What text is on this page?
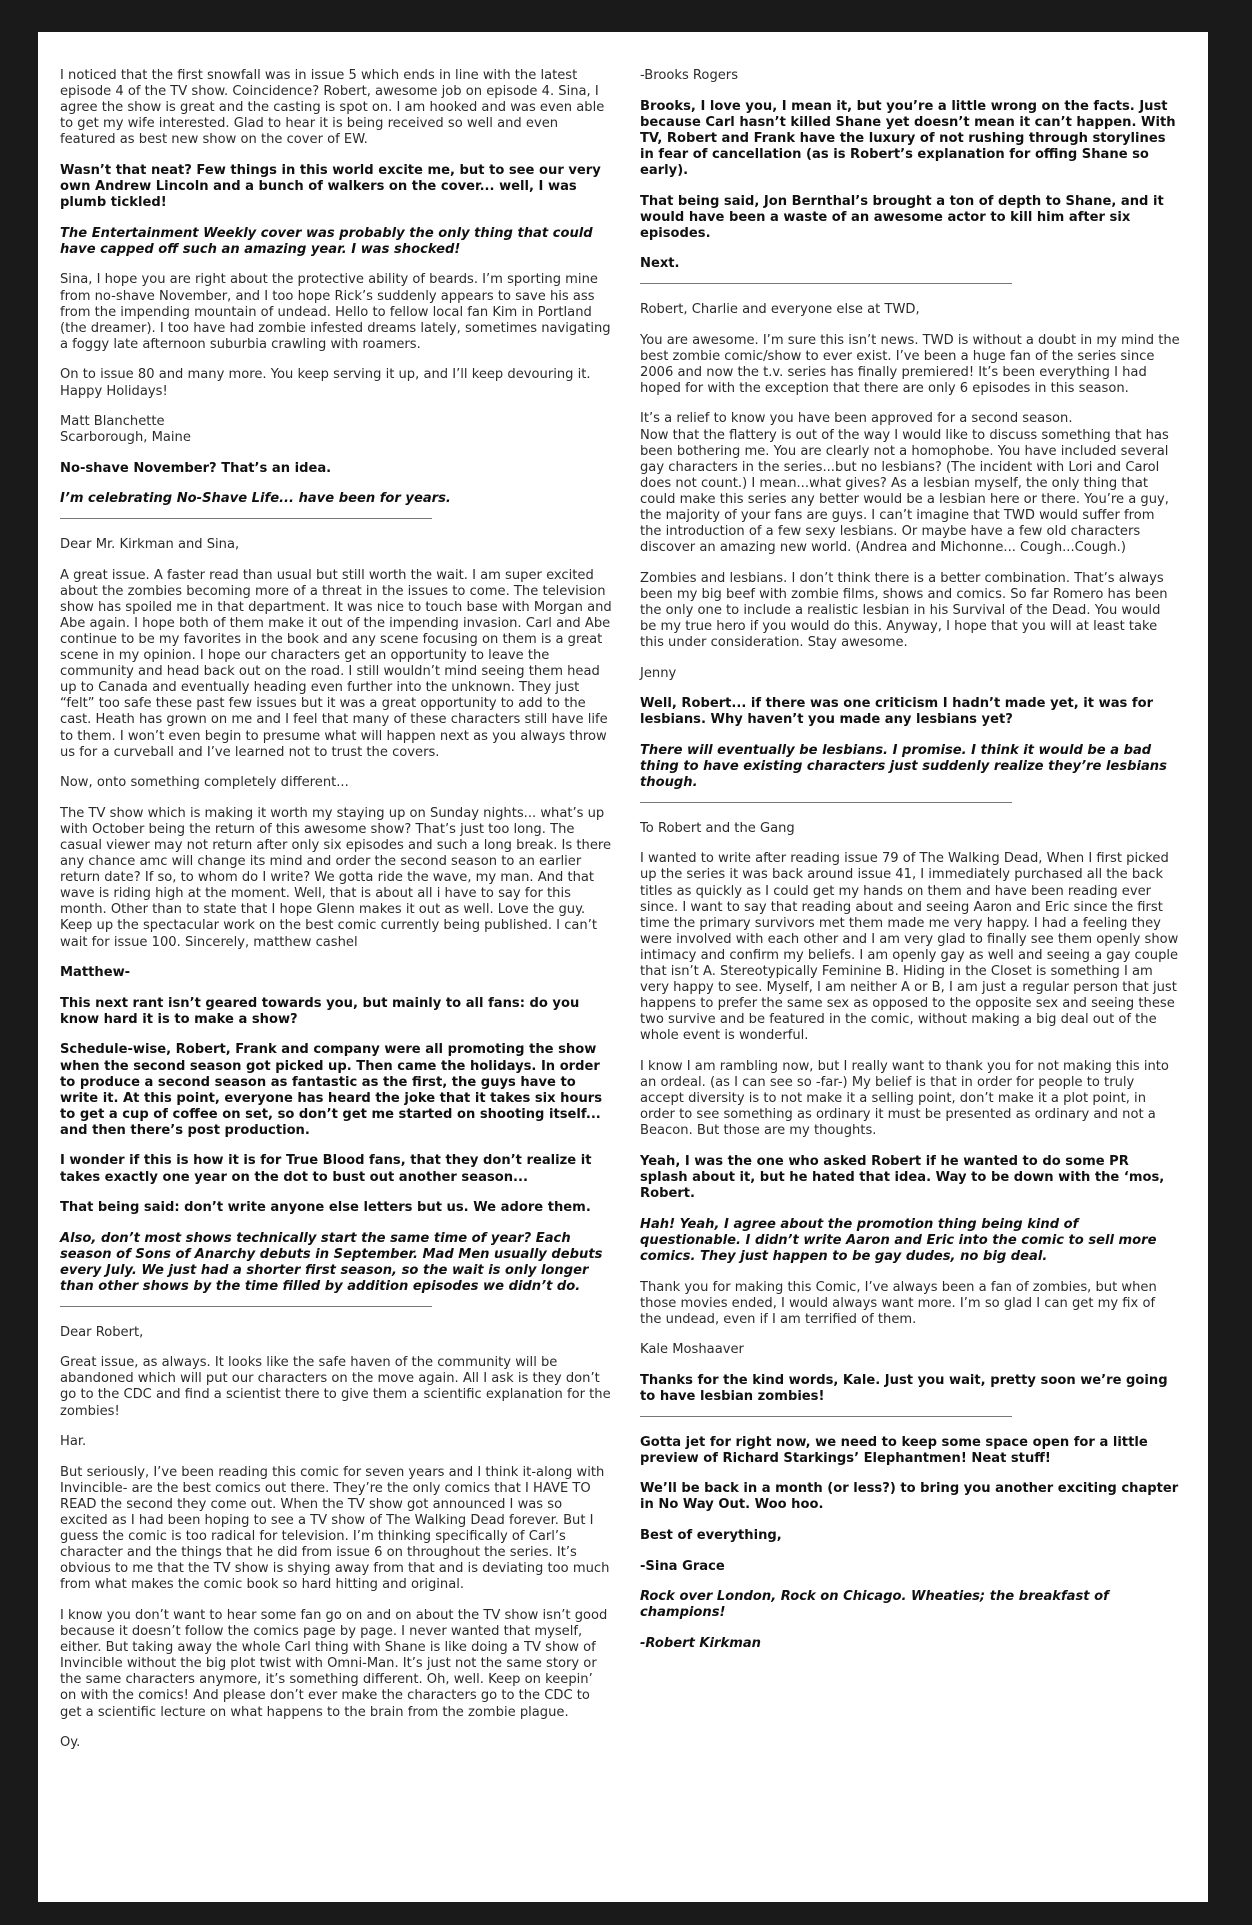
I noticed that the first snowfall was in issue 5 which ends in line with the latest episode 4 of the TV show. Coincidence? Robert, awesome job on episode 4. Sina, I agree the show is great and the casting is spot on. I am hooked and was even able to get my wife interested. Glad to hear it is being received so well and even featured as best new show on the cover of EW.

Wasn’t that neat? Few things in this world excite me, but to see our very own Andrew Lincoln and a bunch of walkers on the cover... well, I was plumb tickled!

The Entertainment Weekly cover was probably the only thing that could have capped off such an amazing year. I was shocked!

Sina, I hope you are right about the protective ability of beards. I’m sporting mine from no-shave November, and I too hope Rick’s suddenly appears to save his ass from the impending mountain of undead. Hello to fellow local fan Kim in Portland (the dreamer). I too have had zombie infested dreams lately, sometimes navigating a foggy late afternoon suburbia crawling with roamers.

On to issue 80 and many more. You keep serving it up, and I’ll keep devouring it. Happy Holidays!

Matt Blanchette
Scarborough, Maine

No-shave November? That’s an idea.

I’m celebrating No-Shave Life... have been for years.

Dear Mr. Kirkman and Sina,

A great issue. A faster read than usual but still worth the wait. I am super excited about the zombies becoming more of a threat in the issues to come. The television show has spoiled me in that department. It was nice to touch base with Morgan and Abe again. I hope both of them make it out of the impending invasion. Carl and Abe continue to be my favorites in the book and any scene focusing on them is a great scene in my opinion. I hope our characters get an opportunity to leave the community and head back out on the road. I still wouldn’t mind seeing them head up to Canada and eventually heading even further into the unknown. They just “felt” too safe these past few issues but it was a great opportunity to add to the cast. Heath has grown on me and I feel that many of these characters still have life to them. I won’t even begin to presume what will happen next as you always throw us for a curveball and I’ve learned not to trust the covers.

Now, onto something completely different...

The TV show which is making it worth my staying up on Sunday nights... what’s up with October being the return of this awesome show? That’s just too long. The casual viewer may not return after only six episodes and such a long break. Is there any chance amc will change its mind and order the second season to an earlier return date? If so, to whom do I write? We gotta ride the wave, my man. And that wave is riding high at the moment. Well, that is about all i have to say for this month. Other than to state that I hope Glenn makes it out as well. Love the guy. Keep up the spectacular work on the best comic currently being published. I can’t wait for issue 100. Sincerely, matthew cashel

Matthew-

This next rant isn’t geared towards you, but mainly to all fans: do you know hard it is to make a show?

Schedule-wise, Robert, Frank and company were all promoting the show when the second season got picked up. Then came the holidays. In order to produce a second season as fantastic as the first, the guys have to write it. At this point, everyone has heard the joke that it takes six hours to get a cup of coffee on set, so don’t get me started on shooting itself... and then there’s post production.

I wonder if this is how it is for True Blood fans, that they don’t realize it takes exactly one year on the dot to bust out another season...

That being said: don’t write anyone else letters but us. We adore them.

Also, don’t most shows technically start the same time of year? Each season of Sons of Anarchy debuts in September. Mad Men usually debuts every July. We just had a shorter first season, so the wait is only longer than other shows by the time filled by addition episodes we didn’t do.

Dear Robert,

Great issue, as always. It looks like the safe haven of the community will be abandoned which will put our characters on the move again. All I ask is they don’t go to the CDC and find a scientist there to give them a scientific explanation for the zombies!

Har.

But seriously, I’ve been reading this comic for seven years and I think it-along with Invincible- are the best comics out there. They’re the only comics that I HAVE TO READ the second they come out. When the TV show got announced I was so excited as I had been hoping to see a TV show of The Walking Dead forever. But I guess the comic is too radical for television. I’m thinking specifically of Carl’s character and the things that he did from issue 6 on throughout the series. It’s obvious to me that the TV show is shying away from that and is deviating too much from what makes the comic book so hard hitting and original.

I know you don’t want to hear some fan go on and on about the TV show isn’t good because it doesn’t follow the comics page by page. I never wanted that myself, either. But taking away the whole Carl thing with Shane is like doing a TV show of Invincible without the big plot twist with Omni-Man. It’s just not the same story or the same characters anymore, it’s something different. Oh, well. Keep on keepin’ on with the comics! And please don’t ever make the characters go to the CDC to get a scientific lecture on what happens to the brain from the zombie plague.

Oy.

-Brooks Rogers

Brooks, I love you, I mean it, but you’re a little wrong on the facts. Just because Carl hasn’t killed Shane yet doesn’t mean it can’t happen. With TV, Robert and Frank have the luxury of not rushing through storylines in fear of cancellation (as is Robert’s explanation for offing Shane so early).

That being said, Jon Bernthal’s brought a ton of depth to Shane, and it would have been a waste of an awesome actor to kill him after six episodes.

Next.

Robert, Charlie and everyone else at TWD,

You are awesome. I’m sure this isn’t news. TWD is without a doubt in my mind the best zombie comic/show to ever exist. I’ve been a huge fan of the series since 2006 and now the t.v. series has finally premiered! It’s been everything I had hoped for with the exception that there are only 6 episodes in this season.

It’s a relief to know you have been approved for a second season.
Now that the flattery is out of the way I would like to discuss something that has been bothering me. You are clearly not a homophobe. You have included several gay characters in the series...but no lesbians? (The incident with Lori and Carol does not count.) I mean...what gives? As a lesbian myself, the only thing that could make this series any better would be a lesbian here or there. You’re a guy, the majority of your fans are guys. I can’t imagine that TWD would suffer from the introduction of a few sexy lesbians. Or maybe have a few old characters discover an amazing new world. (Andrea and Michonne... Cough...Cough.)

Zombies and lesbians. I don’t think there is a better combination. That’s always been my big beef with zombie films, shows and comics. So far Romero has been the only one to include a realistic lesbian in his Survival of the Dead. You would be my true hero if you would do this. Anyway, I hope that you will at least take this under consideration. Stay awesome.

Jenny

Well, Robert... if there was one criticism I hadn’t made yet, it was for lesbians. Why haven’t you made any lesbians yet?

There will eventually be lesbians. I promise. I think it would be a bad thing to have existing characters just suddenly realize they’re lesbians though.

To Robert and the Gang

I wanted to write after reading issue 79 of The Walking Dead, When I first picked up the series it was back around issue 41, I immediately purchased all the back titles as quickly as I could get my hands on them and have been reading ever since. I want to say that reading about and seeing Aaron and Eric since the first time the primary survivors met them made me very happy. I had a feeling they were involved with each other and I am very glad to finally see them openly show intimacy and confirm my beliefs. I am openly gay as well and seeing a gay couple that isn’t A. Stereotypically Feminine B. Hiding in the Closet is something I am very happy to see. Myself, I am neither A or B, I am just a regular person that just happens to prefer the same sex as opposed to the opposite sex and seeing these two survive and be featured in the comic, without making a big deal out of the whole event is wonderful.

I know I am rambling now, but I really want to thank you for not making this into an ordeal. (as I can see so -far-) My belief is that in order for people to truly accept diversity is to not make it a selling point, don’t make it a plot point, in order to see something as ordinary it must be presented as ordinary and not a Beacon. But those are my thoughts.

Yeah, I was the one who asked Robert if he wanted to do some PR splash about it, but he hated that idea. Way to be down with the ‘mos, Robert.

Hah! Yeah, I agree about the promotion thing being kind of questionable. I didn’t write Aaron and Eric into the comic to sell more comics. They just happen to be gay dudes, no big deal.

Thank you for making this Comic, I’ve always been a fan of zombies, but when those movies ended, I would always want more. I’m so glad I can get my fix of the undead, even if I am terrified of them.

Kale Moshaaver

Thanks for the kind words, Kale. Just you wait, pretty soon we’re going to have lesbian zombies!

Gotta jet for right now, we need to keep some space open for a little preview of Richard Starkings’ Elephantmen! Neat stuff!

We’ll be back in a month (or less?) to bring you another exciting chapter in No Way Out. Woo hoo.

Best of everything,

-Sina Grace

Rock over London, Rock on Chicago. Wheaties; the breakfast of champions!

-Robert Kirkman
